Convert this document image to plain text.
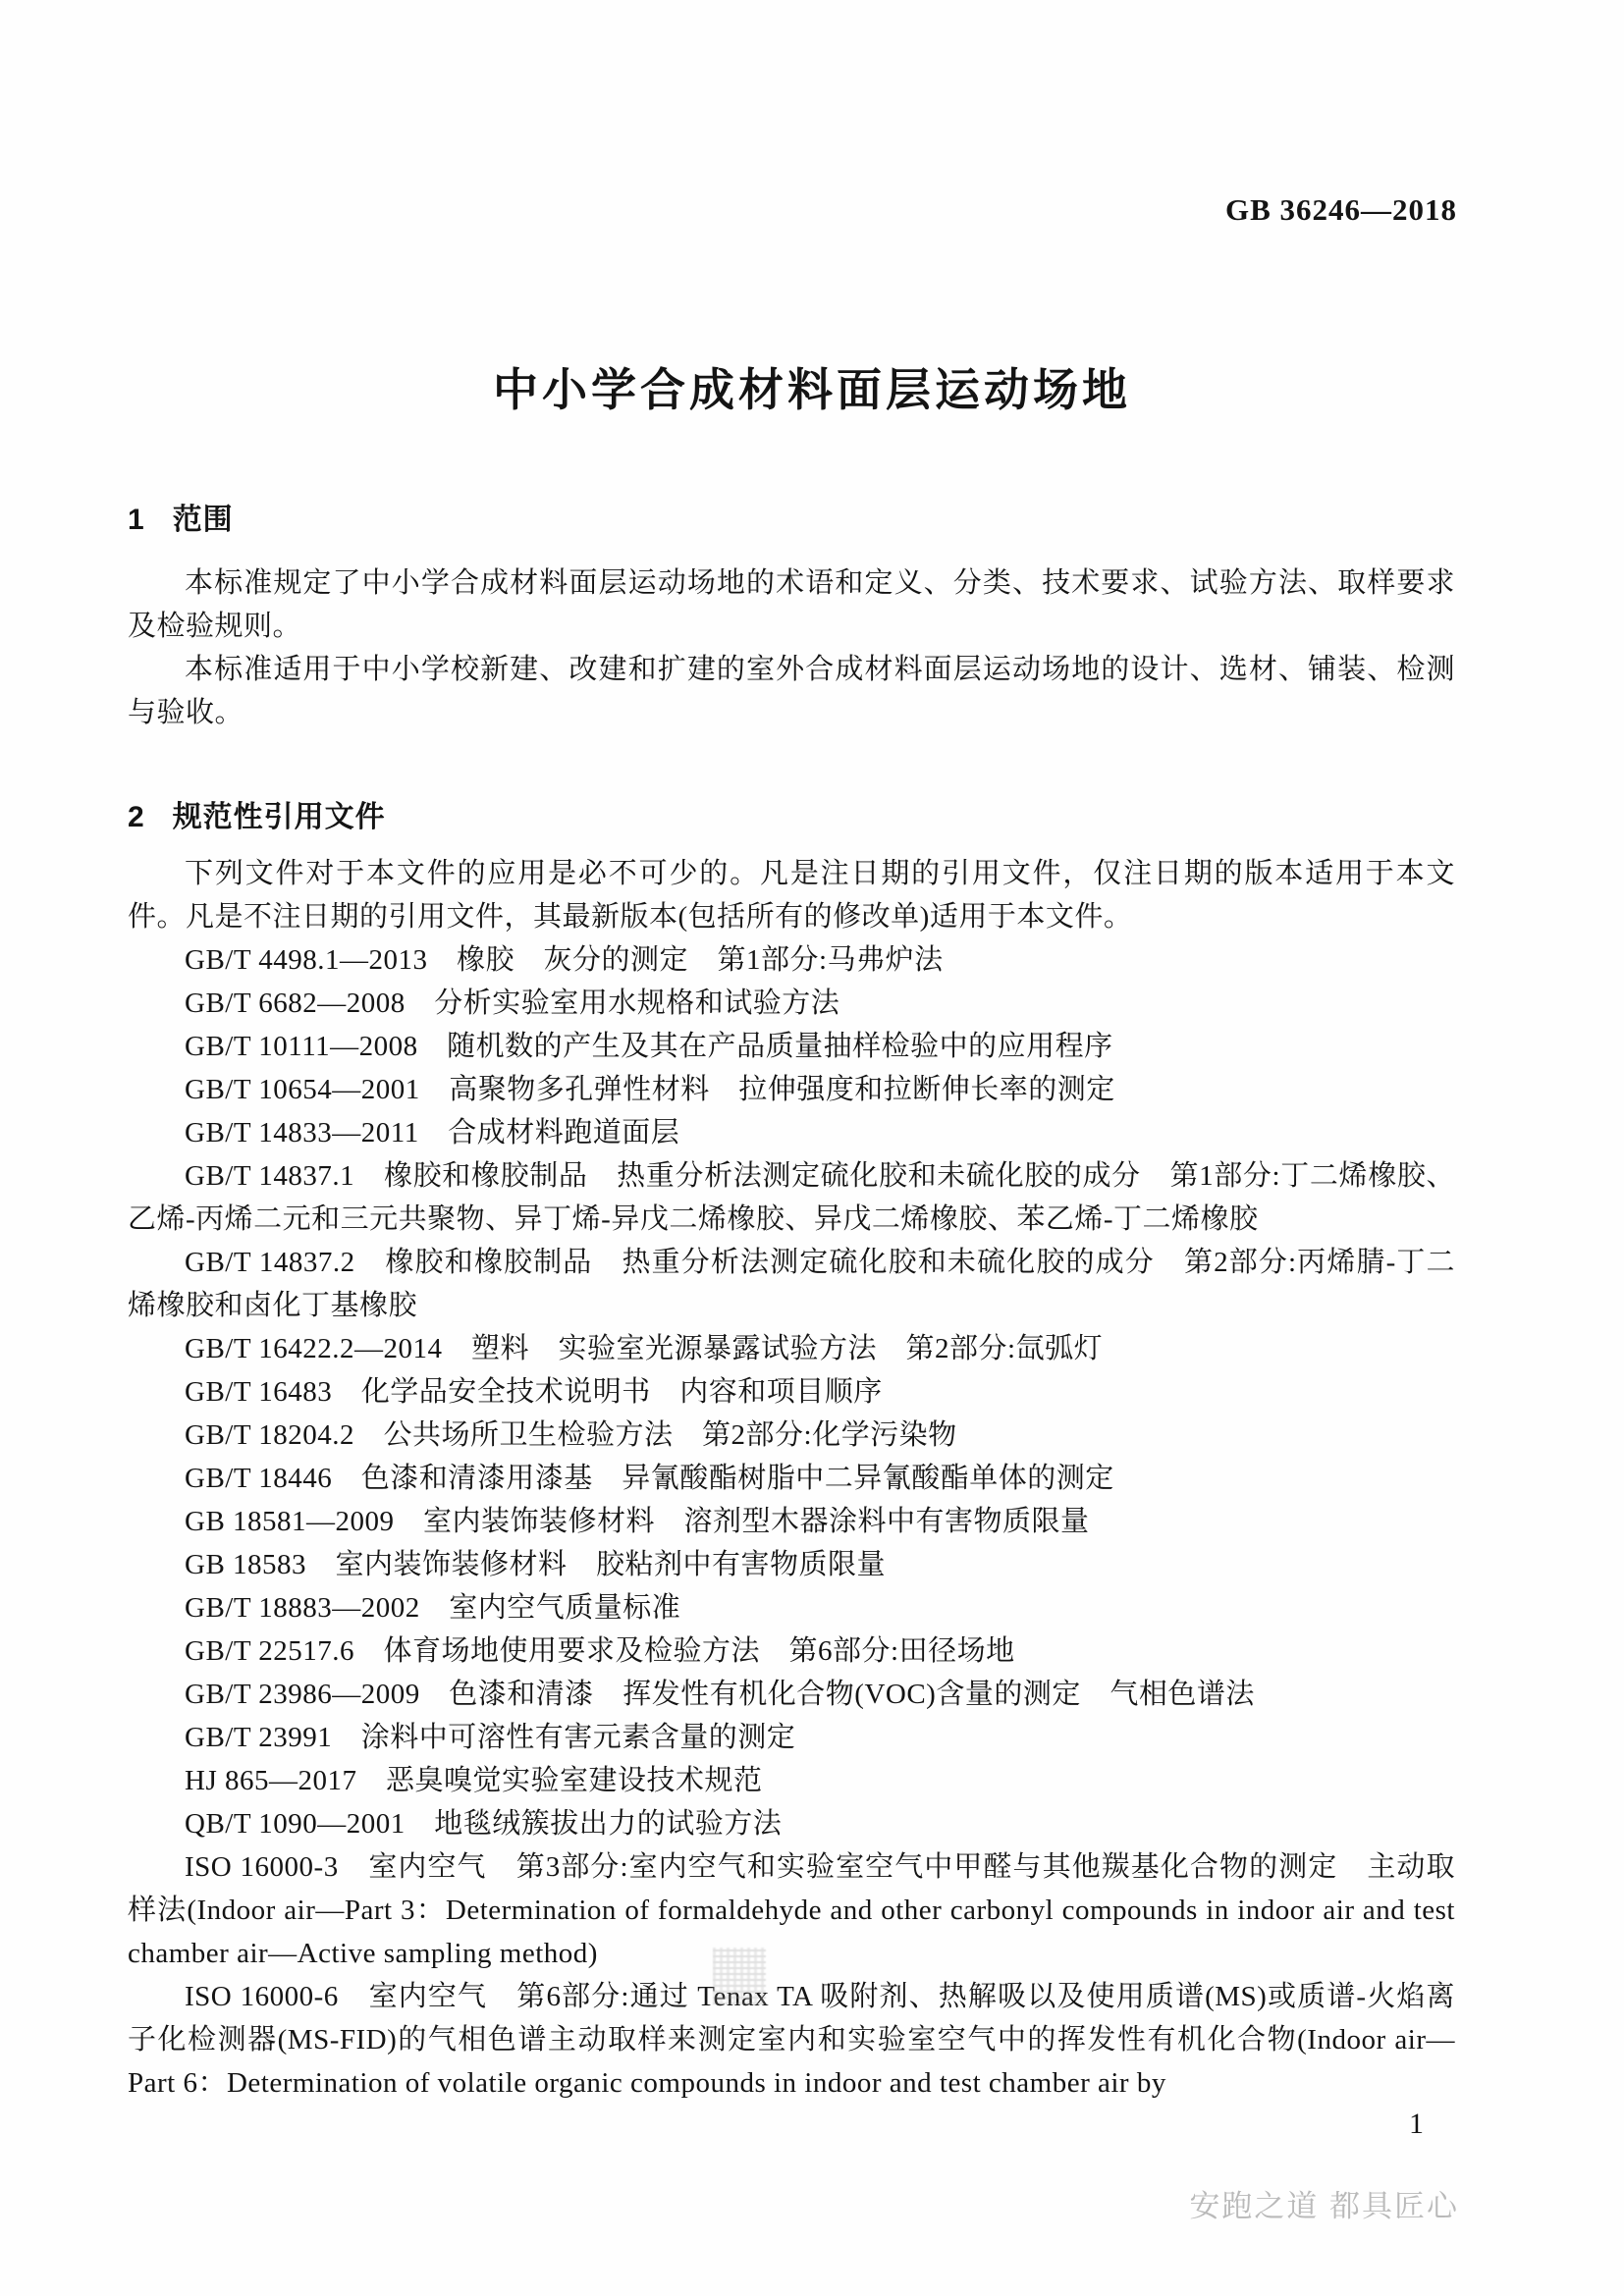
GB 36246—2018
中小学合成材料面层运动场地
1 范围

本标准规定了中小学合成材料面层运动场地的术语和定义、分类、技术要求、试验方法、取样要求及检验规则。

本标准适用于中小学校新建、改建和扩建的室外合成材料面层运动场地的设计、选材、铺装、检测与验收。

2 规范性引用文件

下列文件对于本文件的应用是必不可少的。凡是注日期的引用文件，仅注日期的版本适用于本文件。凡是不注日期的引用文件，其最新版本(包括所有的修改单)适用于本文件。

GB/T 4498.1—2013　橡胶　灰分的测定　第1部分:马弗炉法

GB/T 6682—2008　分析实验室用水规格和试验方法

GB/T 10111—2008　随机数的产生及其在产品质量抽样检验中的应用程序

GB/T 10654—2001　高聚物多孔弹性材料　拉伸强度和拉断伸长率的测定

GB/T 14833—2011　合成材料跑道面层

GB/T 14837.1　橡胶和橡胶制品　热重分析法测定硫化胶和未硫化胶的成分　第1部分:丁二烯橡胶、乙烯-丙烯二元和三元共聚物、异丁烯-异戊二烯橡胶、异戊二烯橡胶、苯乙烯-丁二烯橡胶

GB/T 14837.2　橡胶和橡胶制品　热重分析法测定硫化胶和未硫化胶的成分　第2部分:丙烯腈-丁二烯橡胶和卤化丁基橡胶

GB/T 16422.2—2014　塑料　实验室光源暴露试验方法　第2部分:氙弧灯

GB/T 16483　化学品安全技术说明书　内容和项目顺序

GB/T 18204.2　公共场所卫生检验方法　第2部分:化学污染物

GB/T 18446　色漆和清漆用漆基　异氰酸酯树脂中二异氰酸酯单体的测定

GB 18581—2009　室内装饰装修材料　溶剂型木器涂料中有害物质限量

GB 18583　室内装饰装修材料　胶粘剂中有害物质限量

GB/T 18883—2002　室内空气质量标准

GB/T 22517.6　体育场地使用要求及检验方法　第6部分:田径场地

GB/T 23986—2009　色漆和清漆　挥发性有机化合物(VOC)含量的测定　气相色谱法

GB/T 23991　涂料中可溶性有害元素含量的测定

HJ 865—2017　恶臭嗅觉实验室建设技术规范

QB/T 1090—2001　地毯绒簇拔出力的试验方法

ISO 16000-3　室内空气　第3部分:室内空气和实验室空气中甲醛与其他羰基化合物的测定　主动取样法(Indoor air—Part 3：Determination of formaldehyde and other carbonyl compounds in indoor air and test chamber air—Active sampling method)

ISO 16000-6　室内空气　第6部分:通过 Tenax TA 吸附剂、热解吸以及使用质谱(MS)或质谱-火焰离子化检测器(MS-FID)的气相色谱主动取样来测定室内和实验室空气中的挥发性有机化合物(Indoor air—Part 6：Determination of volatile organic compounds in indoor and test chamber air by

1
安跑之道 都具匠心
